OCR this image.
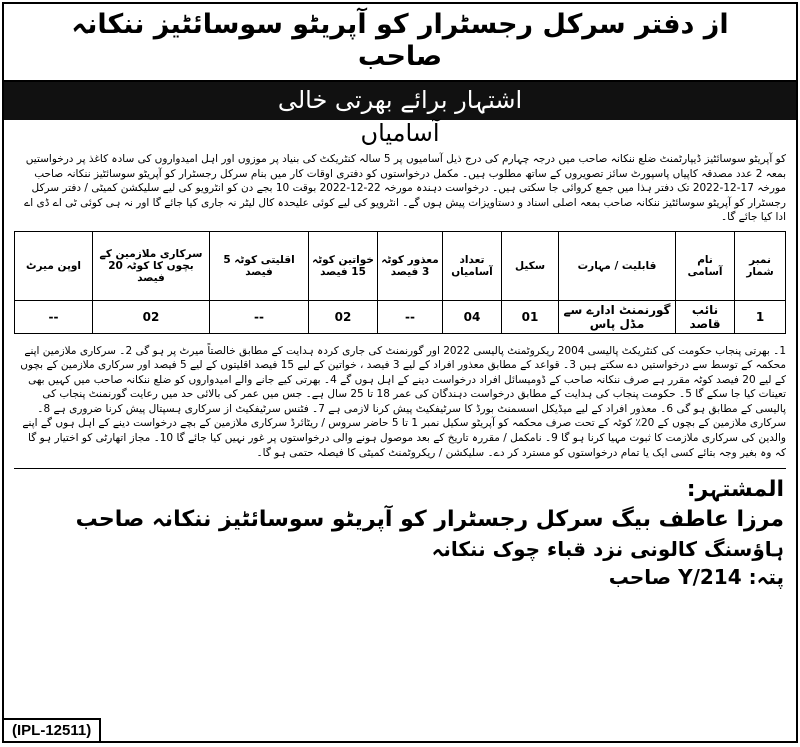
از دفتر سرکل رجسٹرار کو آپریٹو سوسائٹیز ننکانہ
صاحب
اشتہار برائے بھرتی خالی
آسامیاں
کو آپریٹو سوسائٹیز ڈیپارٹمنٹ ضلع ننکانہ صاحب میں درجہ چہارم کی درج ذیل آسامیوں پر 5 سالہ کنٹریکٹ کی بنیاد پر موزوں اور اہل امیدواروں کی سادہ کاغذ پر درخواستیں بمعہ 2 عدد مصدقہ کاپیاں پاسپورٹ سائز تصویروں کے ساتھ مطلوب ہیں۔ مکمل درخواستوں کو دفتری اوقات کار میں بنام سرکل رجسٹرار کو آپریٹو سوسائٹیز ننکانہ صاحب مورخہ 17-12-2022 تک دفتر ہذا میں جمع کروائی جا سکتی ہیں۔ درخواست دہندہ مورخہ 22-12-2022 بوقت 10 بجے دن کو انٹرویو کی لیے سلیکشن کمیٹی / دفتر سرکل رجسٹرار کو آپریٹو سوسائٹیز ننکانہ صاحب بمعہ اصلی اسناد و دستاویزات پیش ہوں گے۔ انٹرویو کی لیے کوئی علیحدہ کال لیٹر نہ جاری کیا جائے گا اور نہ ہی کوئی ٹی اے ڈی اے ادا کیا جائے گا۔
نمبر شمار	نام آسامی	قابلیت / مہارت	سکیل	تعداد آسامیاں	معذور کوٹہ 3 فیصد	خواتین کوٹہ 15 فیصد	اقلیتی کوٹہ 5 فیصد	سرکاری ملازمین کے بچوں کا کوٹہ 20 فیصد	اوپن میرٹ
1	نائب قاصد	گورنمنٹ ادارے سے مڈل پاس	01	04	--	02	--	02	--
1۔ بھرتی پنجاب حکومت کی کنٹریکٹ پالیسی 2004 ریکروٹمنٹ پالیسی 2022 اور گورنمنٹ کی جاری کردہ ہدایت کے مطابق خالصتاً میرٹ پر ہو گی 2۔ سرکاری ملازمین اپنے محکمہ کے توسط سے درخواستیں دے سکتے ہیں 3۔ قواعد کے مطابق معذور افراد کے لیے 3 فیصد ، خواتین کے لیے 15 فیصد اقلیتوں کے لیے 5 فیصد اور سرکاری ملازمین کے بچوں کے لیے 20 فیصد کوٹہ مقرر ہے صرف ننکانہ صاحب کے ڈومیسائل افراد درخواست دینے کے اہل ہوں گے 4۔ بھرتی کیے جانے والے امیدواروں کو ضلع ننکانہ صاحب میں کہیں بھی تعینات کیا جا سکے گا 5۔ حکومت پنجاب کی ہدایت کے مطابق درخواست دہندگان کی عمر 18 تا 25 سال ہے۔ جس میں عمر کی بالائی حد میں رعایت گورنمنٹ پنجاب کی پالیسی کے مطابق ہو گی 6۔ معذور افراد کے لیے میڈیکل اسسمنٹ بورڈ کا سرٹیفکیٹ پیش کرنا لازمی ہے 7۔ فٹنس سرٹیفکیٹ از سرکاری ہسپتال پیش کرنا ضروری ہے 8۔ سرکاری ملازمین کے بچوں کے 20٪ کوٹہ کے تحت صرف محکمہ کو آپریٹو سکیل نمبر 1 تا 5 حاضر سروس / ریٹائرڈ سرکاری ملازمین کے بچے درخواست دینے کے اہل ہوں گے اپنے والدین کی سرکاری ملازمت کا ثبوت مہیا کرنا ہو گا 9۔ نامکمل / مقررہ تاریخ کے بعد موصول ہونے والی درخواستوں پر غور نہیں کیا جائے گا 10۔ مجاز اتھارٹی کو اختیار ہو گا کہ وہ بغیر وجہ بتائے کسی ایک یا تمام درخواستوں کو مسترد کر دے۔ سلیکشن / ریکروٹمنٹ کمیٹی کا فیصلہ حتمی ہو گا۔
المشتہر:
مرزا عاطف بیگ سرکل رجسٹرار کو آپریٹو سوسائٹیز ننکانہ صاحب
ہاؤسنگ کالونی نزد قباء چوک ننکانہ
پتہ: 214/Y صاحب
(IPL-12511)
